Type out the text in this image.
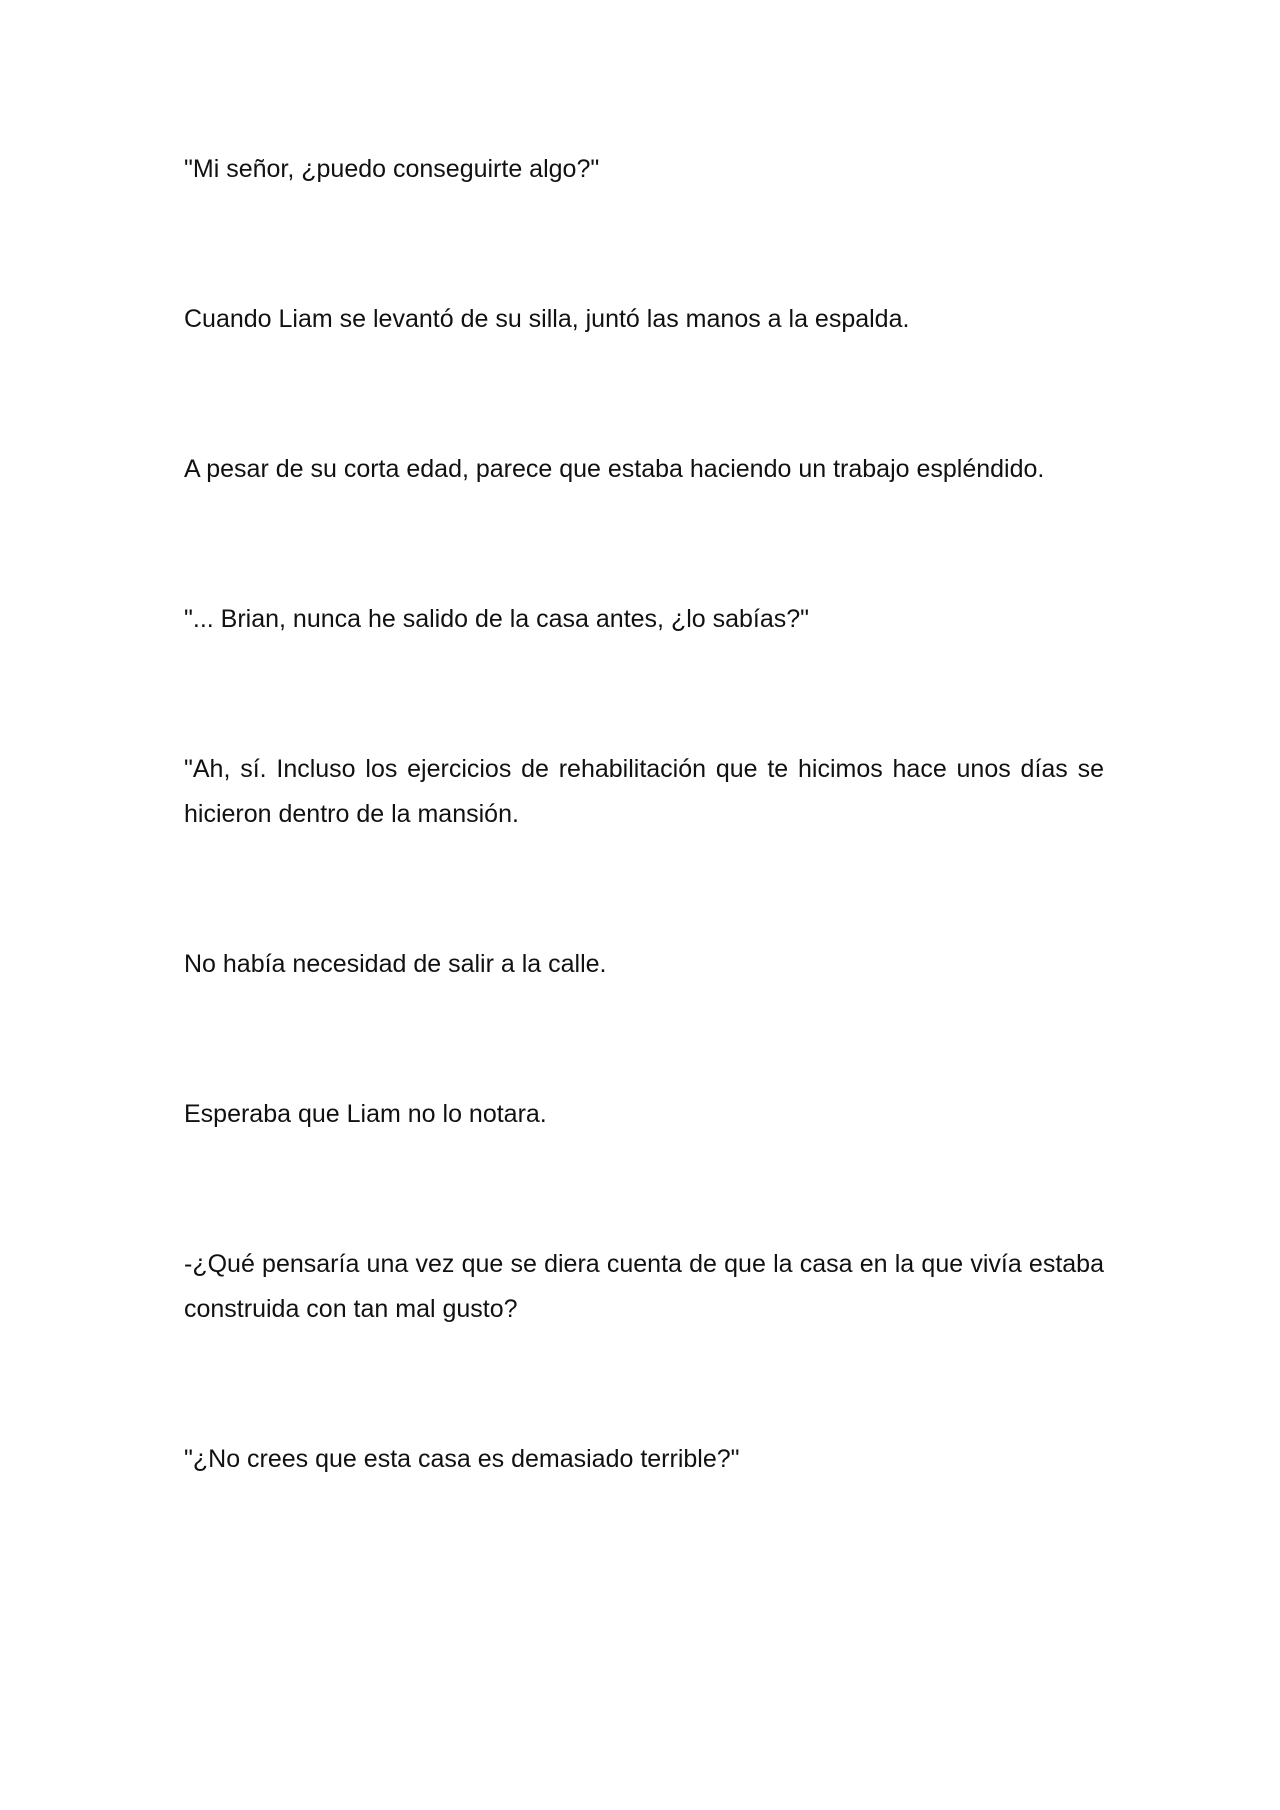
"Mi señor, ¿puedo conseguirte algo?"

Cuando Liam se levantó de su silla, juntó las manos a la espalda.

A pesar de su corta edad, parece que estaba haciendo un trabajo espléndido.

"... Brian, nunca he salido de la casa antes, ¿lo sabías?"

"Ah, sí. Incluso los ejercicios de rehabilitación que te hicimos hace unos días se hicieron dentro de la mansión.

No había necesidad de salir a la calle.

Esperaba que Liam no lo notara.

-¿Qué pensaría una vez que se diera cuenta de que la casa en la que vivía estaba construida con tan mal gusto?

"¿No crees que esta casa es demasiado terrible?"
